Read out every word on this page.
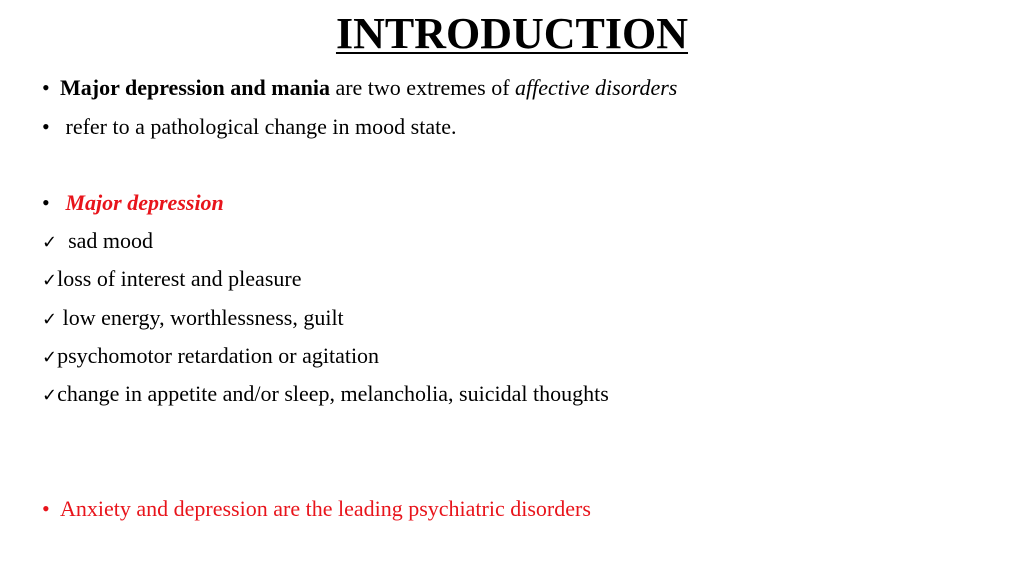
INTRODUCTION
• Major depression and mania are two extremes of affective disorders
• refer to a pathological change in mood state.
• Major depression
✓  sad mood
✓loss of interest and pleasure
✓ low energy, worthlessness, guilt
✓psychomotor retardation or agitation
✓change in appetite and/or sleep, melancholia, suicidal thoughts
• Anxiety and depression are the leading psychiatric disorders
